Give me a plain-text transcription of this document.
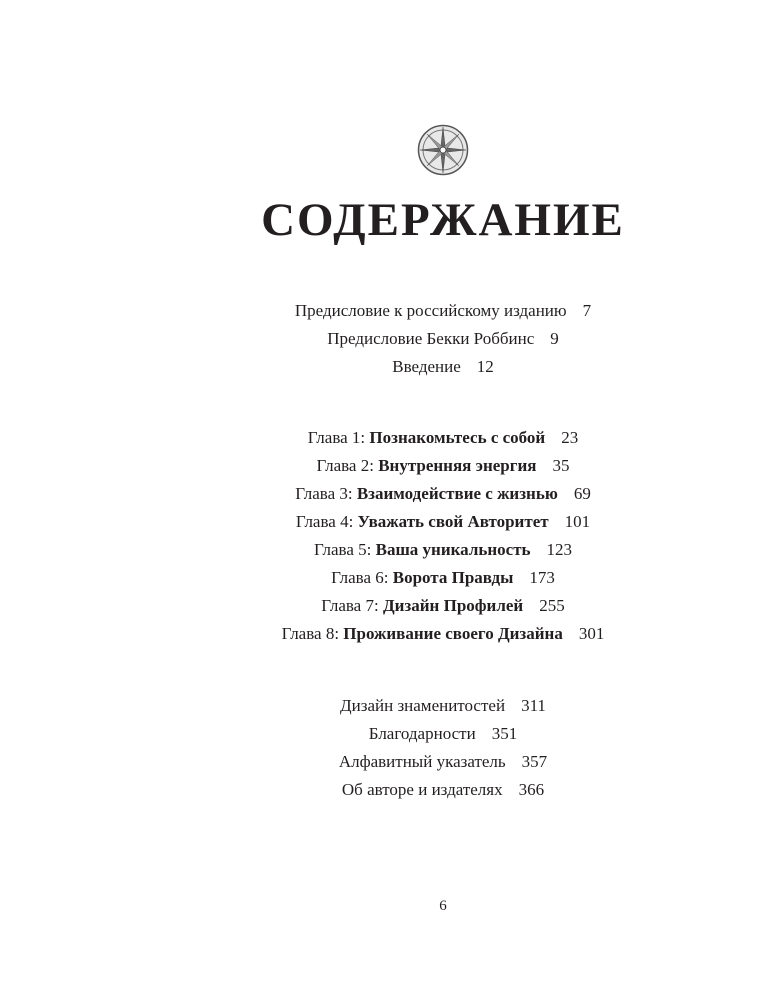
СОДЕРЖАНИЕ
Предисловие к российскому изданию 7
Предисловие Бекки Роббинс 9
Введение 12
Глава 1: Познакомьтесь с собой 23
Глава 2: Внутренняя энергия 35
Глава 3: Взаимодействие с жизнью 69
Глава 4: Уважать свой Авторитет 101
Глава 5: Ваша уникальность 123
Глава 6: Ворота Правды 173
Глава 7: Дизайн Профилей 255
Глава 8: Проживание своего Дизайна 301
Дизайн знаменитостей 311
Благодарности 351
Алфавитный указатель 357
Об авторе и издателях 366
6
